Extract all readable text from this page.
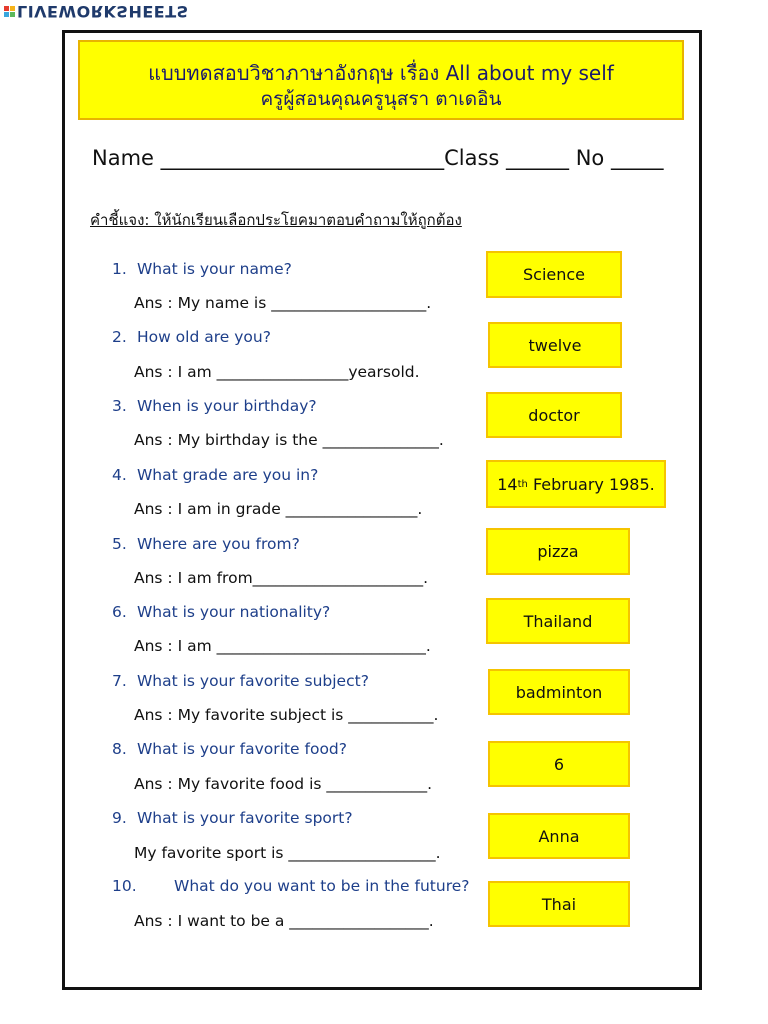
LIVEWORKSHEETS
แบบทดสอบวิชาภาษาอังกฤษ เรื่อง All about my self
ครูผู้สอนคุณครูนุสรา ตาเดอิน
Name ___________________________Class ______ No _____
คำชี้แจง: ให้นักเรียนเลือกประโยคมาตอบคำถามให้ถูกต้อง
1. What is your name?
Ans : My name is ____________________.
2. How old are you?
Ans : I am _________________yearsold.
3. When is your birthday?
Ans : My birthday is the _______________.
4. What grade are you in?
Ans : I am in grade _________________.
5. Where are you from?
Ans : I am from______________________.
6. What is your nationality?
Ans : I am ___________________________.
7. What is your favorite subject?
Ans : My favorite subject is ___________.
8. What is your favorite food?
Ans : My favorite food is _____________.
9. What is your favorite sport?
My favorite sport is ___________________.
10. What do you want to be in the future?
Ans : I want to be a __________________.
Science
twelve
doctor
14 th February 1985.
pizza
Thailand
badminton
6
Anna
Thai
